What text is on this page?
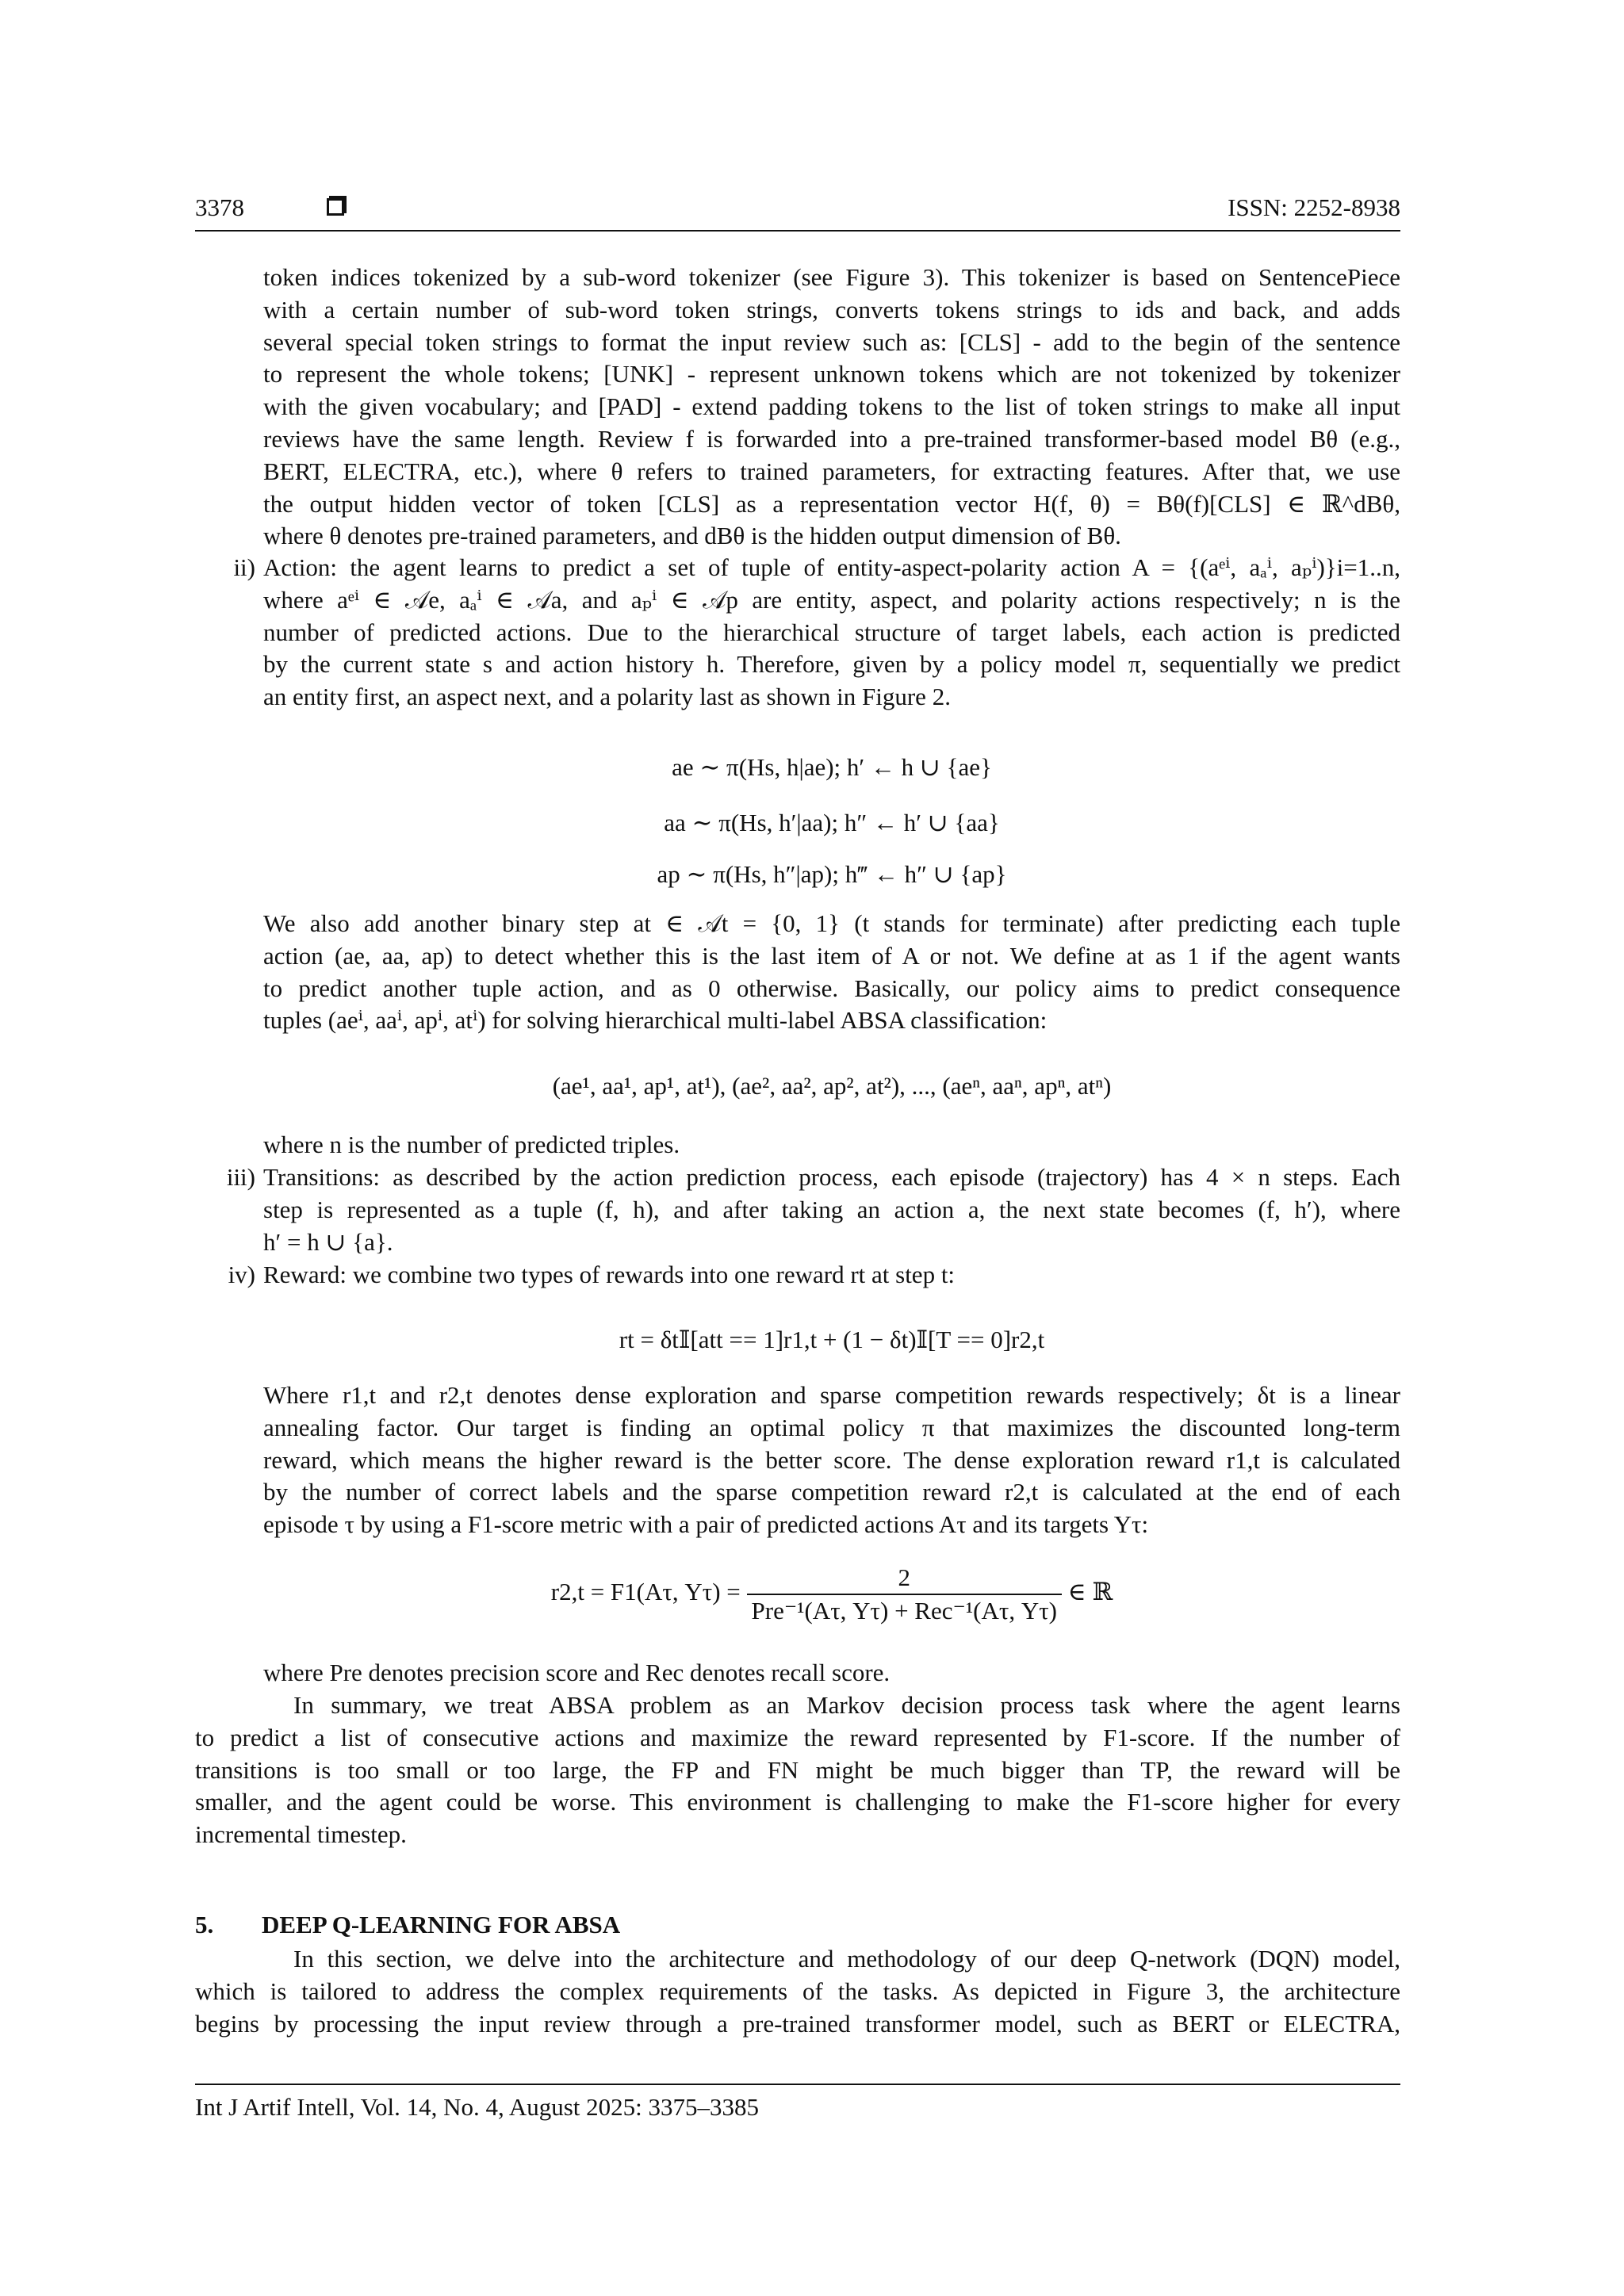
3378	ISSN: 2252-8938
token indices tokenized by a sub-word tokenizer (see Figure 3). This tokenizer is based on SentencePiece
with a certain number of sub-word token strings, converts tokens strings to ids and back, and adds
several special token strings to format the input review such as: [CLS] - add to the begin of the sentence
to represent the whole tokens; [UNK] - represent unknown tokens which are not tokenized by tokenizer
with the given vocabulary; and [PAD] - extend padding tokens to the list of token strings to make all input
reviews have the same length. Review f is forwarded into a pre-trained transformer-based model Bθ (e.g.,
BERT, ELECTRA, etc.), where θ refers to trained parameters, for extracting features. After that, we use
the output hidden vector of token [CLS] as a representation vector H(f, θ) = Bθ(f)[CLS] ∈ ℝ^dBθ,
where θ denotes pre-trained parameters, and dBθ is the hidden output dimension of Bθ.
ii) Action: the agent learns to predict a set of tuple of entity-aspect-polarity action A = {(aᵉⁱ, aₐⁱ, aₚⁱ)}i=1..n,
where aᵉⁱ ∈ 𝒜e, aₐⁱ ∈ 𝒜a, and aₚⁱ ∈ 𝒜p are entity, aspect, and polarity actions respectively; n is the
number of predicted actions. Due to the hierarchical structure of target labels, each action is predicted
by the current state s and action history h. Therefore, given by a policy model π, sequentially we predict
an entity first, an aspect next, and a polarity last as shown in Figure 2.
ae ∼ π(Hs, h|ae); h′ ← h ∪ {ae}
aa ∼ π(Hs, h′|aa); h″ ← h′ ∪ {aa}
ap ∼ π(Hs, h″|ap); h‴ ← h″ ∪ {ap}
We also add another binary step at ∈ 𝒜t = {0, 1} (t stands for terminate) after predicting each tuple
action (ae, aa, ap) to detect whether this is the last item of A or not. We define at as 1 if the agent wants
to predict another tuple action, and as 0 otherwise. Basically, our policy aims to predict consequence
tuples (aeⁱ, aaⁱ, apⁱ, atⁱ) for solving hierarchical multi-label ABSA classification:
(ae¹, aa¹, ap¹, at¹), (ae², aa², ap², at²), ..., (aeⁿ, aaⁿ, apⁿ, atⁿ)
where n is the number of predicted triples.
iii) Transitions: as described by the action prediction process, each episode (trajectory) has 4 × n steps. Each
step is represented as a tuple (f, h), and after taking an action a, the next state becomes (f, h′), where
h′ = h ∪ {a}.
iv) Reward: we combine two types of rewards into one reward rt at step t:
rt = δt𝕀[att == 1]r1,t + (1 − δt)𝕀[T == 0]r2,t
Where r1,t and r2,t denotes dense exploration and sparse competition rewards respectively; δt is a linear
annealing factor. Our target is finding an optimal policy π that maximizes the discounted long-term
reward, which means the higher reward is the better score. The dense exploration reward r1,t is calculated
by the number of correct labels and the sparse competition reward r2,t is calculated at the end of each
episode τ by using a F1-score metric with a pair of predicted actions Aτ and its targets Yτ:
r2,t = F1(Aτ, $Y\tau) = \frac{2}{\text{Pre⁻¹(Aτ, Yτ) + Rec⁻¹(Aτ, Yτ)}}$ ∈ ℝ
where Pre denotes precision score and Rec denotes recall score.
In summary, we treat ABSA problem as an Markov decision process task where the agent learns
to predict a list of consecutive actions and maximize the reward represented by F1-score. If the number of
transitions is too small or too large, the FP and FN might be much bigger than TP, the reward will be
smaller, and the agent could be worse. This environment is challenging to make the F1-score higher for every
incremental timestep.
5. DEEP Q-LEARNING FOR ABSA
In this section, we delve into the architecture and methodology of our deep Q-network (DQN) model,
which is tailored to address the complex requirements of the tasks. As depicted in Figure 3, the architecture
begins by processing the input review through a pre-trained transformer model, such as BERT or ELECTRA,
Int J Artif Intell, Vol. 14, No. 4, August 2025: 3375–3385
